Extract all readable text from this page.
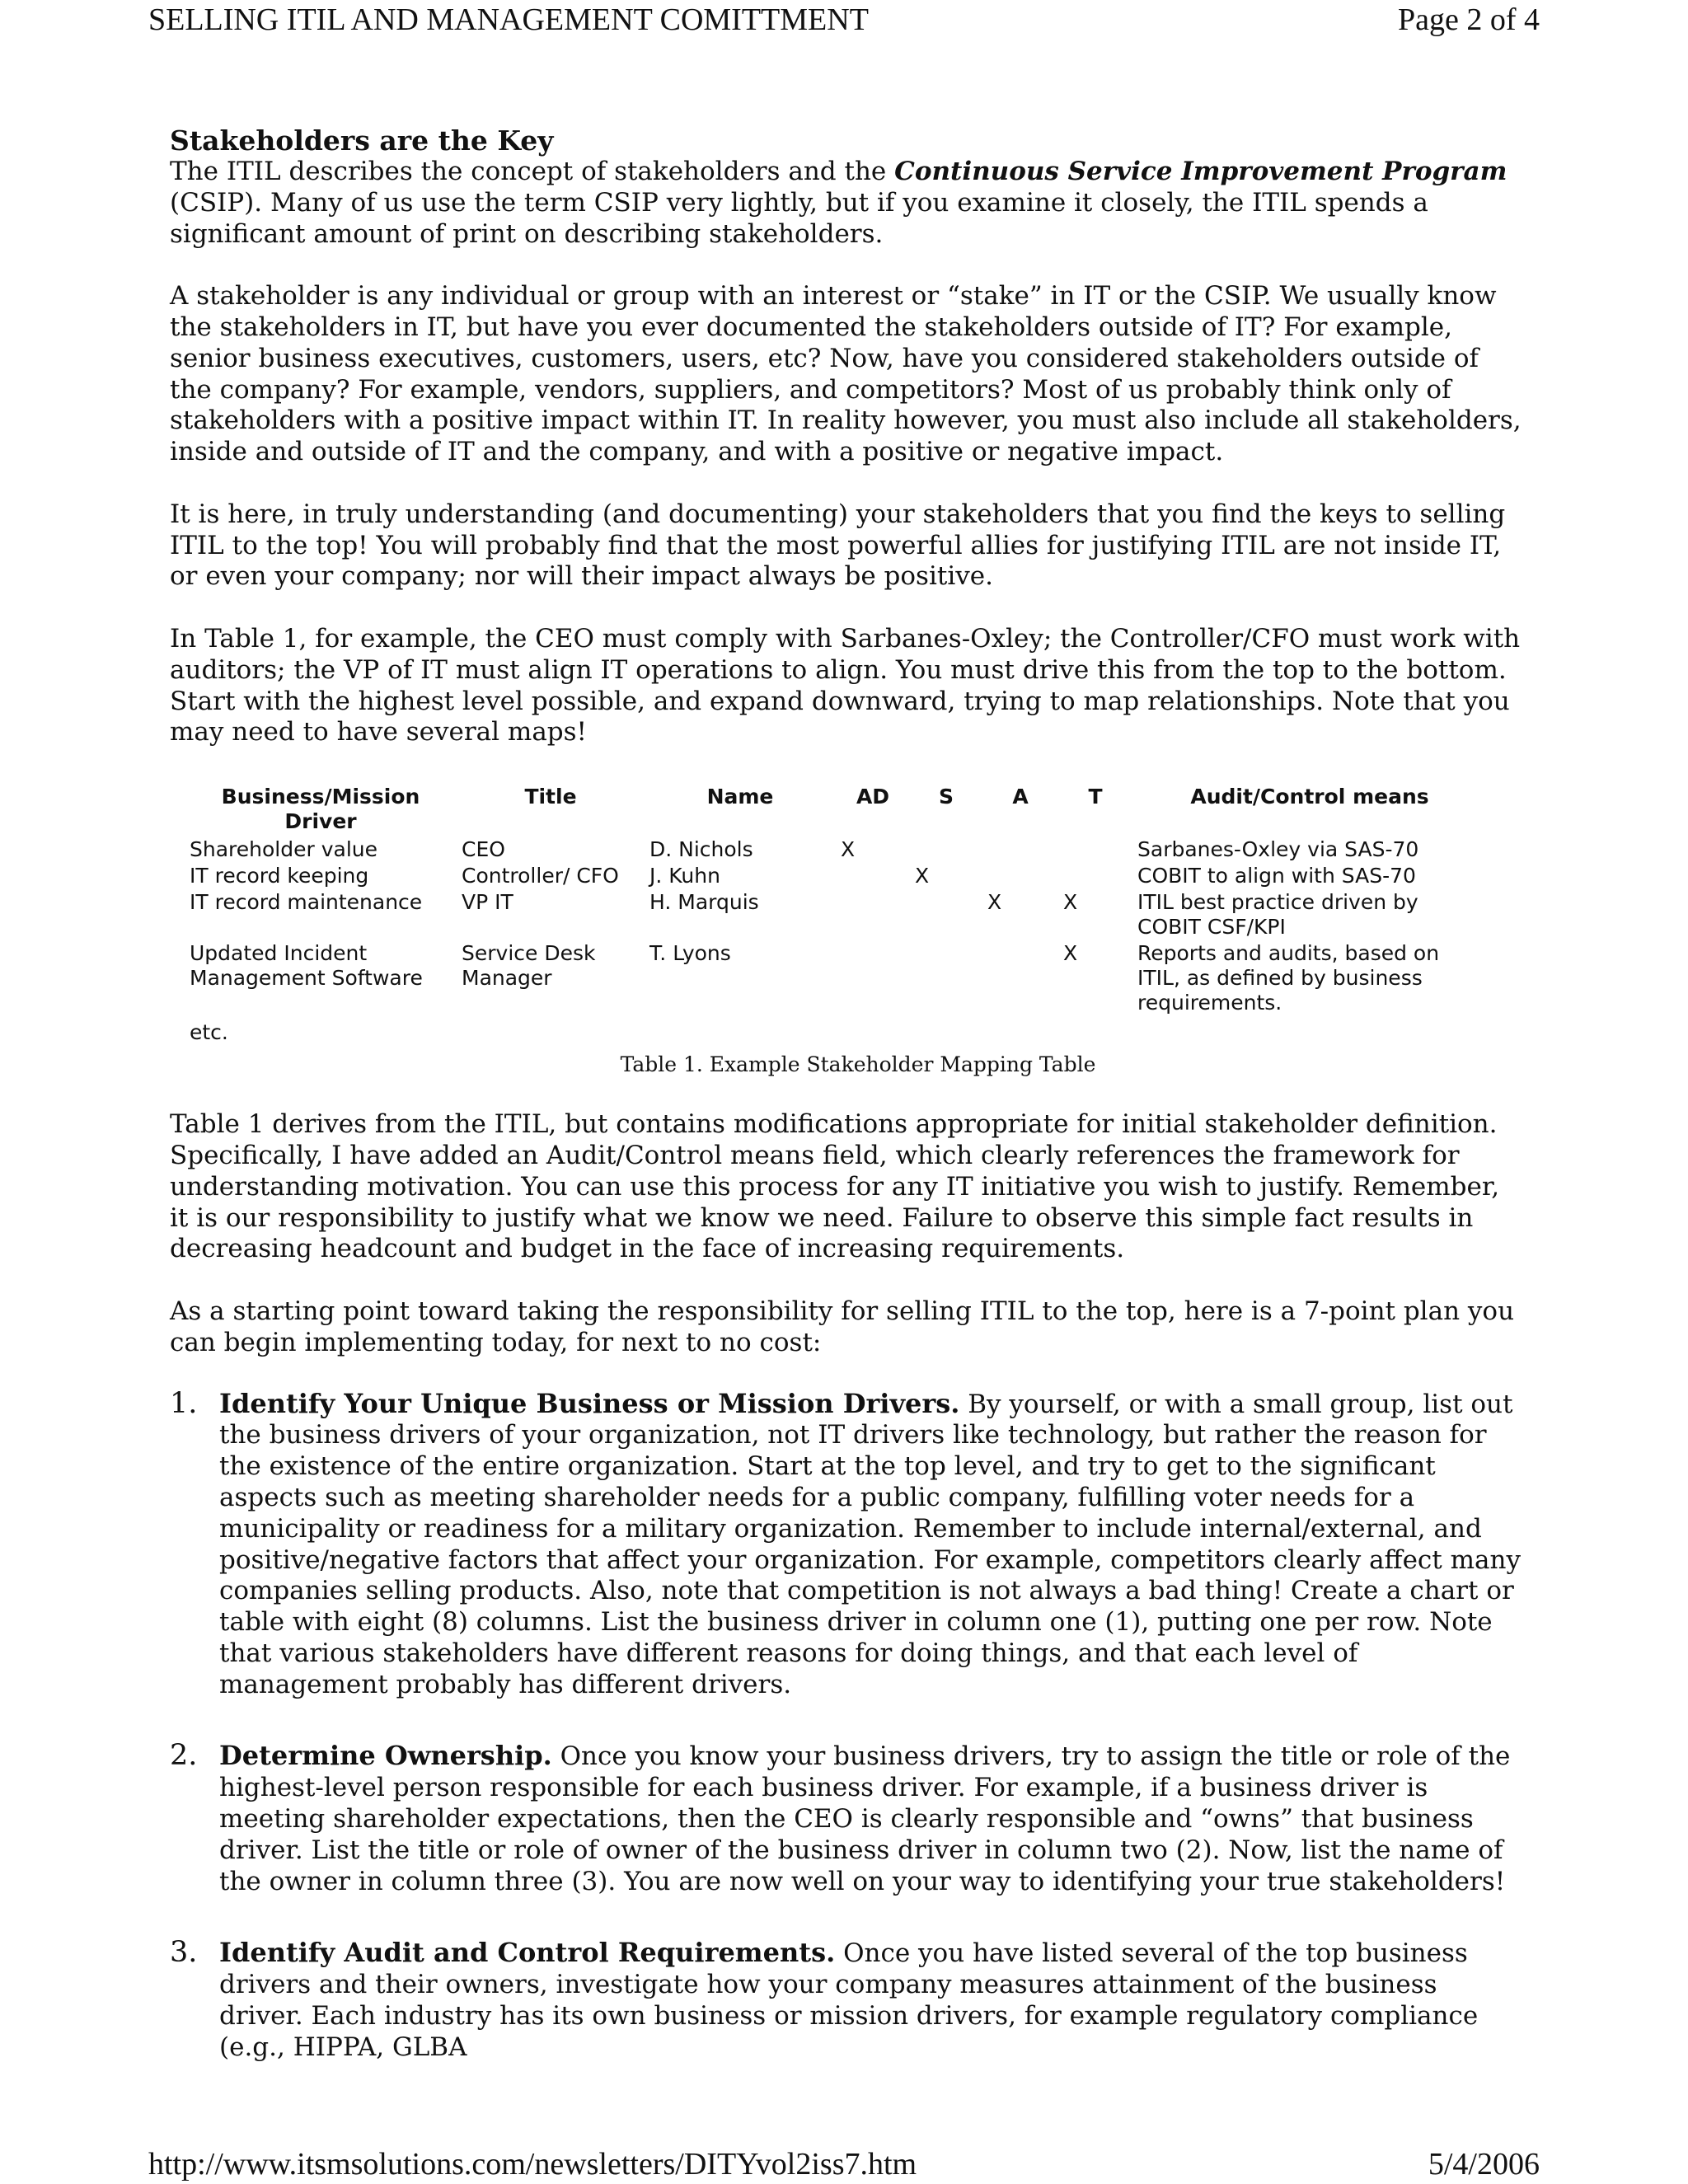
SELLING ITIL AND MANAGEMENT COMITTMENT	Page 2 of 4
Stakeholders are the Key

The ITIL describes the concept of stakeholders and the Continuous Service Improvement Program (CSIP). Many of us use the term CSIP very lightly, but if you examine it closely, the ITIL spends a significant amount of print on describing stakeholders.

A stakeholder is any individual or group with an interest or “stake” in IT or the CSIP. We usually know the stakeholders in IT, but have you ever documented the stakeholders outside of IT? For example, senior business executives, customers, users, etc? Now, have you considered stakeholders outside of the company? For example, vendors, suppliers, and competitors? Most of us probably think only of stakeholders with a positive impact within IT. In reality however, you must also include all stakeholders, inside and outside of IT and the company, and with a positive or negative impact.

It is here, in truly understanding (and documenting) your stakeholders that you find the keys to selling ITIL to the top! You will probably find that the most powerful allies for justifying ITIL are not inside IT, or even your company; nor will their impact always be positive.

In Table 1, for example, the CEO must comply with Sarbanes-Oxley; the Controller/CFO must work with auditors; the VP of IT must align IT operations to align. You must drive this from the top to the bottom. Start with the highest level possible, and expand downward, trying to map relationships. Note that you may need to have several maps!

Business/Mission Driver	Title	Name	AD	S	A	T	Audit/Control means
Shareholder value	CEO	D. Nichols	X				Sarbanes-Oxley via SAS-70
IT record keeping	Controller/ CFO	J. Kuhn		X			COBIT to align with SAS-70
IT record maintenance	VP IT	H. Marquis			X	X	ITIL best practice driven by COBIT CSF/KPI
Updated Incident Management Software	Service Desk Manager	T. Lyons				X	Reports and audits, based on ITIL, as defined by business requirements.
etc.							
Table 1. Example Stakeholder Mapping Table

Table 1 derives from the ITIL, but contains modifications appropriate for initial stakeholder definition. Specifically, I have added an Audit/Control means field, which clearly references the framework for understanding motivation. You can use this process for any IT initiative you wish to justify. Remember, it is our responsibility to justify what we know we need. Failure to observe this simple fact results in decreasing headcount and budget in the face of increasing requirements.

As a starting point toward taking the responsibility for selling ITIL to the top, here is a 7-point plan you can begin implementing today, for next to no cost:

1. Identify Your Unique Business or Mission Drivers. By yourself, or with a small group, list out the business drivers of your organization, not IT drivers like technology, but rather the reason for the existence of the entire organization. Start at the top level, and try to get to the significant aspects such as meeting shareholder needs for a public company, fulfilling voter needs for a municipality or readiness for a military organization. Remember to include internal/external, and positive/negative factors that affect your organization. For example, competitors clearly affect many companies selling products. Also, note that competition is not always a bad thing! Create a chart or table with eight (8) columns. List the business driver in column one (1), putting one per row. Note that various stakeholders have different reasons for doing things, and that each level of management probably has different drivers.
2. Determine Ownership. Once you know your business drivers, try to assign the title or role of the highest-level person responsible for each business driver. For example, if a business driver is meeting shareholder expectations, then the CEO is clearly responsible and “owns” that business driver. List the title or role of owner of the business driver in column two (2). Now, list the name of the owner in column three (3). You are now well on your way to identifying your true stakeholders!
3. Identify Audit and Control Requirements. Once you have listed several of the top business drivers and their owners, investigate how your company measures attainment of the business driver. Each industry has its own business or mission drivers, for example regulatory compliance (e.g., HIPPA, GLBA
http://www.itsmsolutions.com/newsletters/DITYvol2iss7.htm	5/4/2006
